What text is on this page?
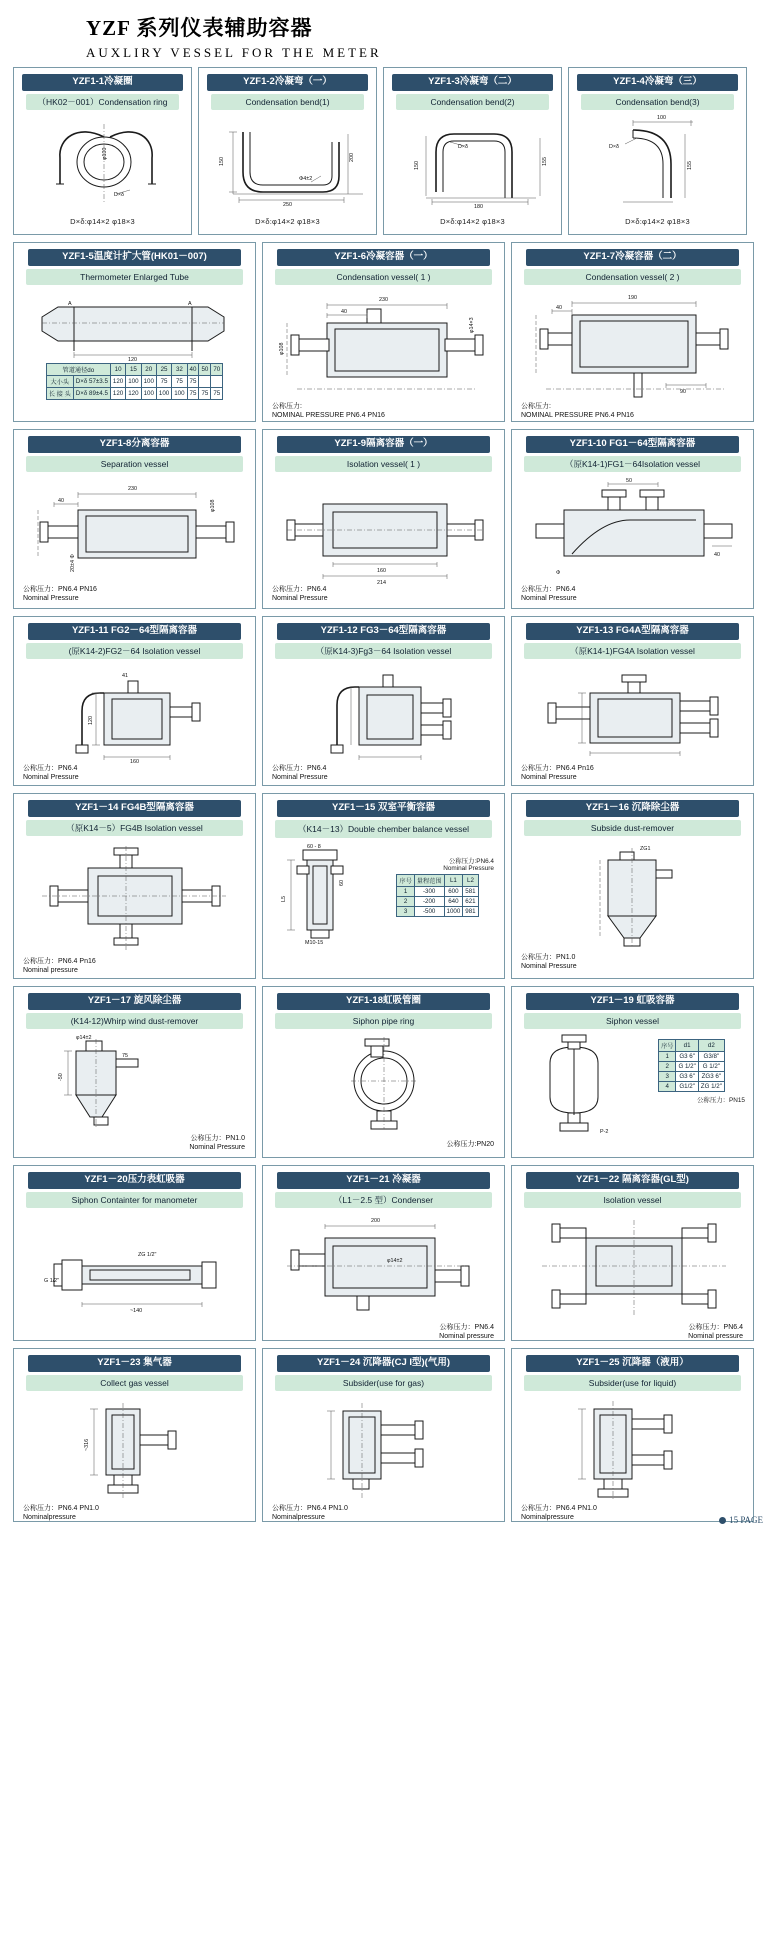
YZF 系列仪表辅助容器
AUXLIRY VESSEL FOR THE METER
YZF1-1冷凝圈
（HK02－001）Condensation ring
φ100
D×δ
D×δ:φ14×2 φ18×3
YZF1-2冷凝弯（一）
Condensation bend(1)
150	200
250
Φ4±2
D×δ:φ14×2 φ18×3
YZF1-3冷凝弯（二）
Condensation bend(2)
150	155
180
D×δ
D×δ:φ14×2 φ18×3
YZF1-4冷凝弯（三）
Condensation bend(3)
100
155
D×δ
D×δ:φ14×2 φ18×3
YZF1-5温度计扩大管(HK01－007)
Thermometer Enlarged Tube
120
A	A
管道通径do		10	15	20	25	32	40	50	70
大小头	D×δ 57±3.5	120	100	100	75	75	75		
长 接 头	D×δ 89±4.5	120	120	100	100	100	75	75	75
YZF1-6冷凝容器（一）
Condensation vessel( 1 )
230
40
φ108
φ14×3
公称压力:
NOMINAL PRESSURE PN6.4 PN16
YZF1-7冷凝容器（二）
Condensation vessel( 2 )
190
40
90
公称压力:
NOMINAL PRESSURE PN6.4 PN16
YZF1-8分离容器
Separation vessel
230
40	φ108
20±4 Φ
公称压力：PN6.4 PN16
Nominal Pressure
YZF1-9隔离容器（一）
Isolation vessel( 1 )
160
214
公称压力：PN6.4
Nominal Pressure
YZF1-10 FG1－64型隔离容器
（原K14-1)FG1－64Isolation vessel
50
40
Φ
公称压力：PN6.4
Nominal Pressure
YZF1-11 FG2－64型隔离容器
(原K14-2)FG2－64 Isolation vessel
120
160
41
公称压力：PN6.4
Nominal Pressure
YZF1-12 FG3－64型隔离容器
（原K14-3)Fg3－64 Isolation vessel
公称压力：PN6.4
Nominal Pressure
YZF1-13 FG4A型隔离容器
（原K14-1)FG4A Isolation vessel
公称压力：PN6.4 Pn16
Nominal Pressure
YZF1－14 FG4B型隔离容器
（原K14－5）FG4B Isolation vessel
公称压力：PN6.4 Pn16
Nominal pressure
YZF1－15 双室平衡容器
（K14－13）Double chember balance vessel
L5
60
60 - 8
M10-15
公称压力:PN6.4
Nominal Pressure
序号	量程范围	L1	L2
1	-300	600	581
2	-200	640	621
3	-500	1000	981
YZF1－16 沉降除尘器
Subside dust-remover
ZG1
公称压力：PN1.0
Nominal Pressure
YZF1－17 旋风除尘器
(K14-12)Whirp wind dust-remover
φ14±2
75
-50
公称压力：PN1.0
Nominal Pressure
YZF1-18虹吸管圈
Siphon pipe ring
公称压力:PN20
YZF1－19 虹吸容器
Siphon vessel
P-2
序号	d1	d2
1	G3 6"	G3/8"
2	G 1/2"	G 1/2"
3	G3 6"	ZG3 6"
4	G1/2"	ZG 1/2"
公称压力：PN15
YZF1－20压力表虹吸器
Siphon Containter for manometer
ZG 1/2"
G 1/2"
~140
YZF1－21 冷凝器
（L1－2.5 型）Condenser
200
φ14±2
公称压力：PN6.4
Nominal pressure
YZF1－22 隔离容器(GL型)
Isolation vessel
公称压力：PN6.4
Nominal pressure
YZF1－23 集气器
Collect gas vessel
~316
公称压力：PN6.4 PN1.0
Nominalpressure
YZF1－24 沉降器(CJ I型)(气用)
Subsider(use for gas)
公称压力：PN6.4 PN1.0
Nominalpressure
YZF1－25 沉降器（液用）
Subsider(use for liquid)
公称压力：PN6.4 PN1.0
Nominalpressure	15 PAGE
